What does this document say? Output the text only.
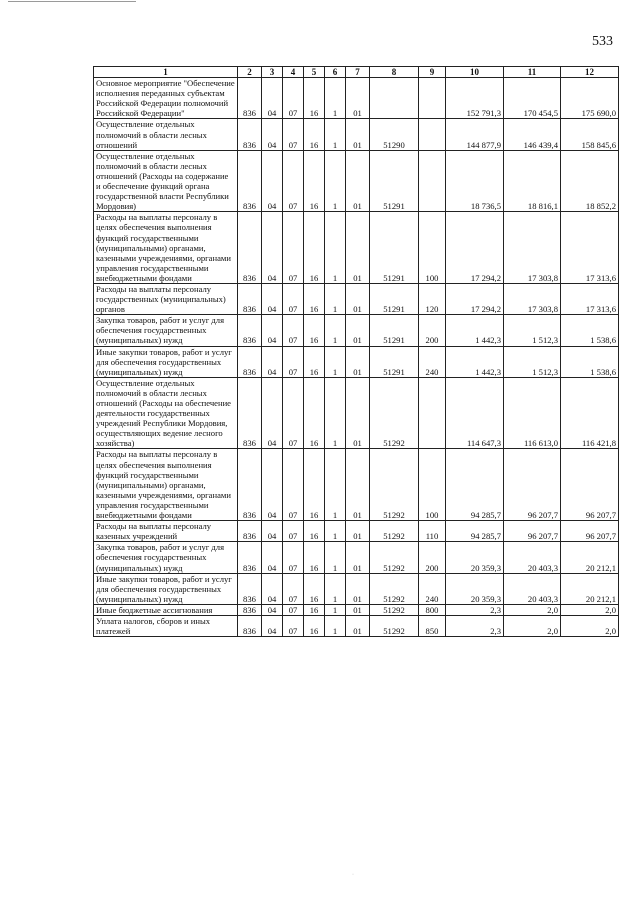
533
1	2	3	4	5	6	7	8	9	10	11	12
Основное мероприятие "Обеспечение исполнения переданных субъектам Российской Федерации полномочий Российской Федерации"	836	04	07	16	1	01			152 791,3	170 454,5	175 690,0
Осуществление отдельных полномочий в области лесных отношений	836	04	07	16	1	01	51290		144 877,9	146 439,4	158 845,6
Осуществление отдельных полномочий в области лесных отношений (Расходы на содержание и обеспечение функций органа государственной власти Республики Мордовия)	836	04	07	16	1	01	51291		18 736,5	18 816,1	18 852,2
Расходы на выплаты персоналу в целях обеспечения выполнения функций государственными (муниципальными) органами, казенными учреждениями, органами управления государственными внебюджетными фондами	836	04	07	16	1	01	51291	100	17 294,2	17 303,8	17 313,6
Расходы на выплаты персоналу государственных (муниципальных) органов	836	04	07	16	1	01	51291	120	17 294,2	17 303,8	17 313,6
Закупка товаров, работ и услуг для обеспечения государственных (муниципальных) нужд	836	04	07	16	1	01	51291	200	1 442,3	1 512,3	1 538,6
Иные закупки товаров, работ и услуг для обеспечения государственных (муниципальных) нужд	836	04	07	16	1	01	51291	240	1 442,3	1 512,3	1 538,6
Осуществление отдельных полномочий в области лесных отношений (Расходы на обеспечение деятельности государственных учреждений Республики Мордовия, осуществляющих ведение лесного хозяйства)	836	04	07	16	1	01	51292		114 647,3	116 613,0	116 421,8
Расходы на выплаты персоналу в целях обеспечения выполнения функций государственными (муниципальными) органами, казенными учреждениями, органами управления государственными внебюджетными фондами	836	04	07	16	1	01	51292	100	94 285,7	96 207,7	96 207,7
Расходы на выплаты персоналу казенных учреждений	836	04	07	16	1	01	51292	110	94 285,7	96 207,7	96 207,7
Закупка товаров, работ и услуг для обеспечения государственных (муниципальных) нужд	836	04	07	16	1	01	51292	200	20 359,3	20 403,3	20 212,1
Иные закупки товаров, работ и услуг для обеспечения государственных (муниципальных) нужд	836	04	07	16	1	01	51292	240	20 359,3	20 403,3	20 212,1
Иные бюджетные ассигнования	836	04	07	16	1	01	51292	800	2,3	2,0	2,0
Уплата налогов, сборов и иных платежей	836	04	07	16	1	01	51292	850	2,3	2,0	2,0
·
